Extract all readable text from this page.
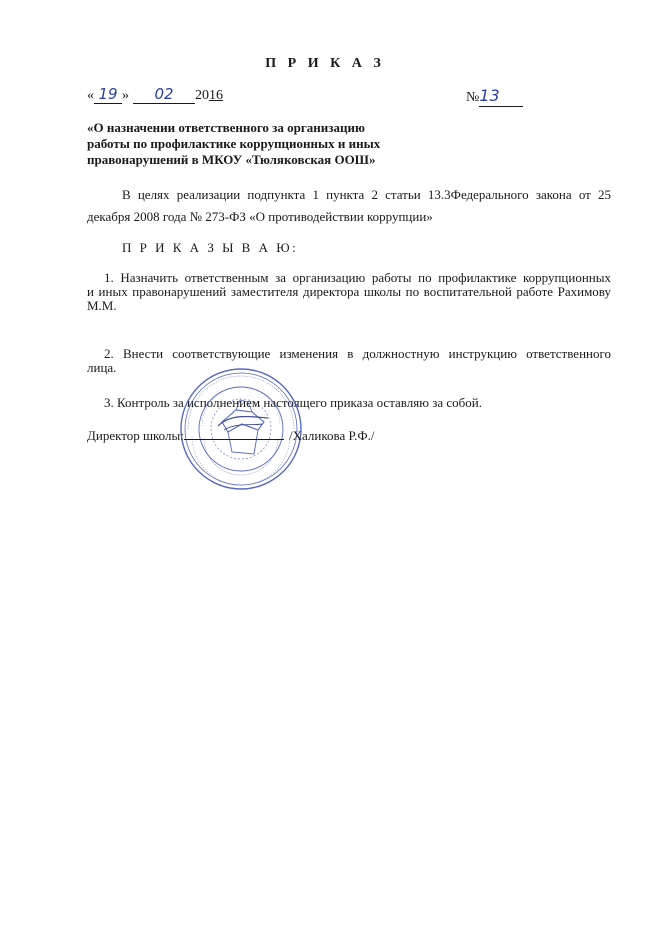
П Р И К А З
« 19 » 02 2016	№13
«О назначении ответственного за организацию
работы по профилактике коррупционных и иных
правонарушений в МКОУ «Тюляковская ООШ»
В целях реализации подпункта 1 пункта 2 статьи 13.3Федерального закона от 25
декабря 2008 года № 273-ФЗ «О противодействии коррупции»
П Р И К А З Ы В А Ю:
1. Назначить ответственным за организацию работы по профилактике коррупционных
и иных правонарушений заместителя директора школы по воспитательной работе Рахимову М.М.
2. Внести соответствующие изменения в должностную инструкцию ответственного
лица.
3. Контроль за исполнением настоящего приказа оставляю за собой.
Директор школы:	/Халикова Р.Ф./
